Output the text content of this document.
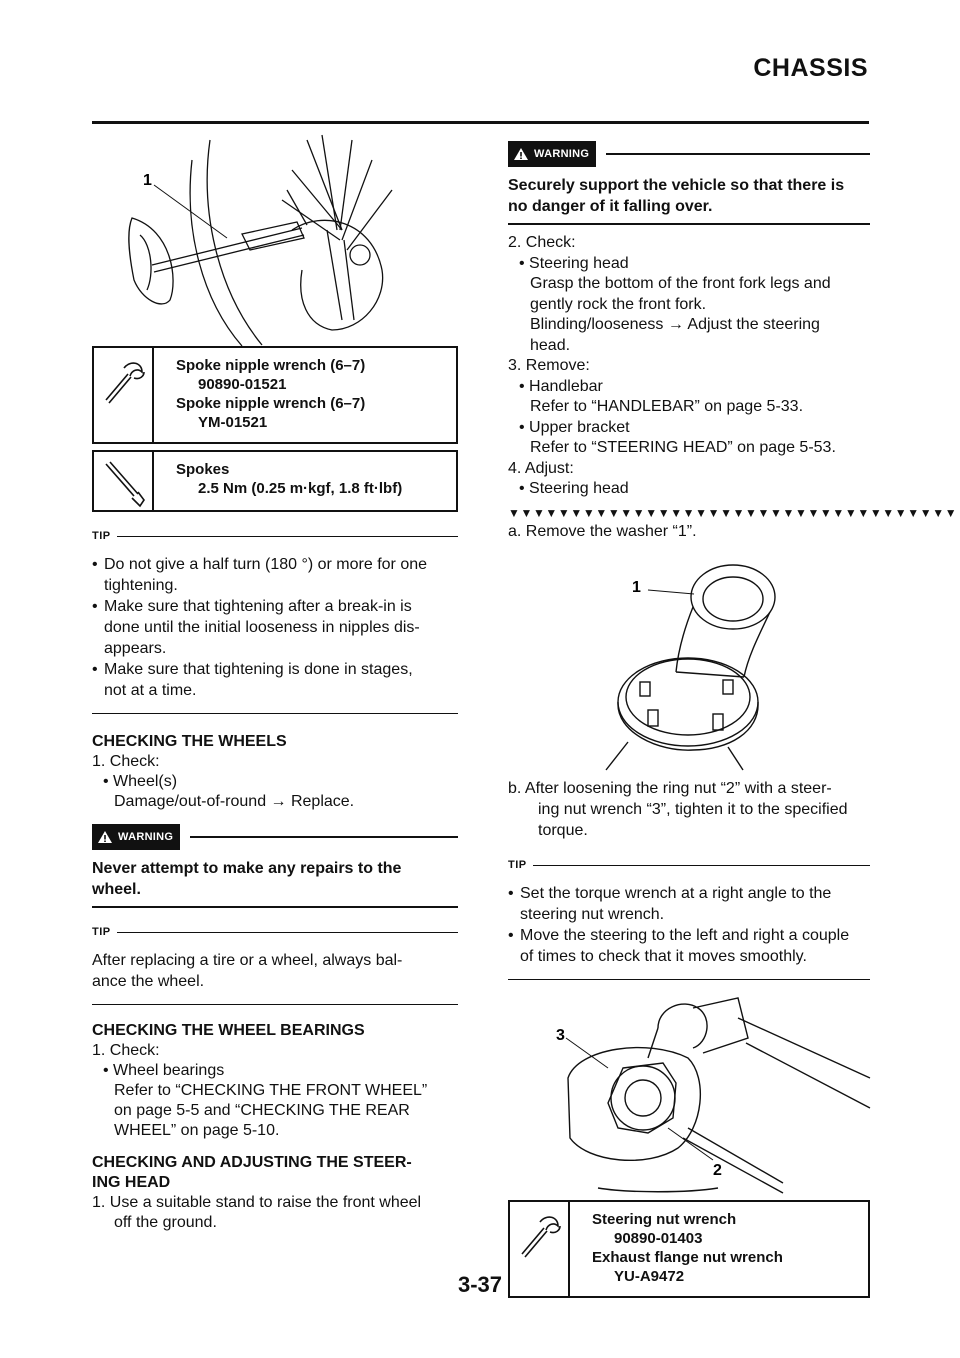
CHASSIS
1
Spoke nipple wrench (6–7)
90890-01521
Spoke nipple wrench (6–7)
YM-01521
Spokes
2.5 Nm (0.25 m·kgf, 1.8 ft·lbf)
TIP
• Do not give a half turn (180 °) or more for one
tightening.
• Make sure that tightening after a break-in is
done until the initial looseness in nipples dis-
appears.
• Make sure that tightening is done in stages,
not at a time.
CHECKING THE WHEELS
1. Check:
• Wheel(s)
Damage/out-of-round → Replace.
WARNING
Never attempt to make any repairs to the
wheel.
TIP
After replacing a tire or a wheel, always bal-
ance the wheel.
CHECKING THE WHEEL BEARINGS
1. Check:
• Wheel bearings
Refer to “CHECKING THE FRONT WHEEL”
on page 5-5 and “CHECKING THE REAR
WHEEL” on page 5-10.
CHECKING AND ADJUSTING THE STEER-
ING HEAD
1. Use a suitable stand to raise the front wheel
off the ground.
WARNING
Securely support the vehicle so that there is
no danger of it falling over.
2. Check:
• Steering head
Grasp the bottom of the front fork legs and
gently rock the front fork.
Blinding/looseness → Adjust the steering
head.
3. Remove:
• Handlebar
Refer to “HANDLEBAR” on page 5-33.
• Upper bracket
Refer to “STEERING HEAD” on page 5-53.
4. Adjust:
• Steering head
▼▼▼▼▼▼▼▼▼▼▼▼▼▼▼▼▼▼▼▼▼▼▼▼▼▼▼▼▼▼▼▼▼▼▼▼
a. Remove the washer “1”.
1
b. After loosening the ring nut “2” with a steer-
ing nut wrench “3”, tighten it to the specified
torque.
TIP
• Set the torque wrench at a right angle to the
steering nut wrench.
• Move the steering to the left and right a couple
of times to check that it moves smoothly.
3
2
Steering nut wrench
90890-01403
Exhaust flange nut wrench
YU-A9472
3-37
